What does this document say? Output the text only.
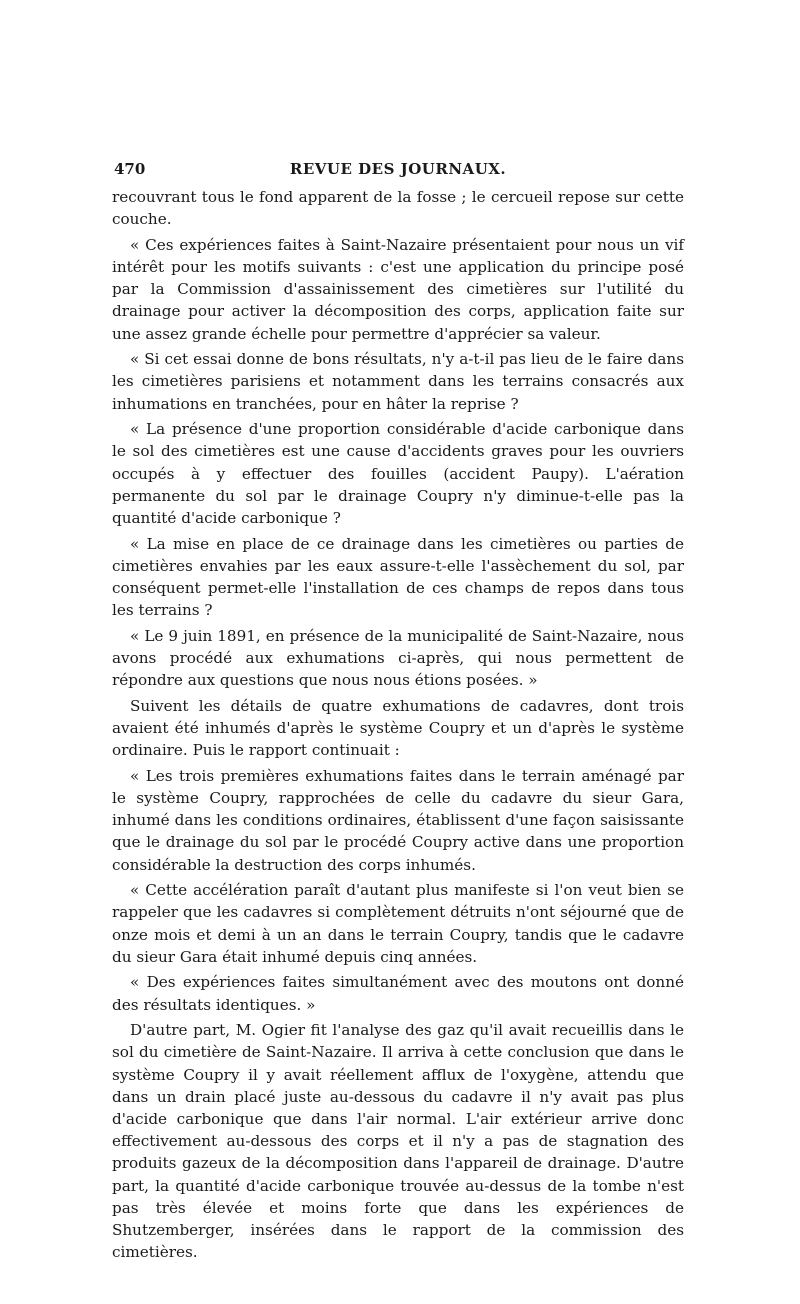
470	REVUE DES JOURNAUX.

recouvrant tous le fond apparent de la fosse ; le cercueil repose sur cette couche.

« Ces expériences faites à Saint-Nazaire présentaient pour nous un vif intérêt pour les motifs suivants : c'est une application du principe posé par la Commission d'assainissement des cimetières sur l'utilité du drainage pour activer la décomposition des corps, application faite sur une assez grande échelle pour permettre d'apprécier sa valeur.

« Si cet essai donne de bons résultats, n'y a-t-il pas lieu de le faire dans les cimetières parisiens et notamment dans les terrains consacrés aux inhumations en tranchées, pour en hâter la reprise ?

« La présence d'une proportion considérable d'acide carbonique dans le sol des cimetières est une cause d'accidents graves pour les ouvriers occupés à y effectuer des fouilles (accident Paupy). L'aération permanente du sol par le drainage Coupry n'y diminue-t-elle pas la quantité d'acide carbonique ?

« La mise en place de ce drainage dans les cimetières ou parties de cimetières envahies par les eaux assure-t-elle l'assèchement du sol, par conséquent permet-elle l'installation de ces champs de repos dans tous les terrains ?

« Le 9 juin 1891, en présence de la municipalité de Saint-Nazaire, nous avons procédé aux exhumations ci-après, qui nous permettent de répondre aux questions que nous nous étions posées. »

Suivent les détails de quatre exhumations de cadavres, dont trois avaient été inhumés d'après le système Coupry et un d'après le système ordinaire. Puis le rapport continuait :

« Les trois premières exhumations faites dans le terrain aménagé par le système Coupry, rapprochées de celle du cadavre du sieur Gara, inhumé dans les conditions ordinaires, établissent d'une façon saisissante que le drainage du sol par le procédé Coupry active dans une proportion considérable la destruction des corps inhumés.

« Cette accélération paraît d'autant plus manifeste si l'on veut bien se rappeler que les cadavres si complètement détruits n'ont séjourné que de onze mois et demi à un an dans le terrain Coupry, tandis que le cadavre du sieur Gara était inhumé depuis cinq années.

« Des expériences faites simultanément avec des moutons ont donné des résultats identiques. »

D'autre part, M. Ogier fit l'analyse des gaz qu'il avait recueillis dans le sol du cimetière de Saint-Nazaire. Il arriva à cette conclusion que dans le système Coupry il y avait réellement afflux de l'oxygène, attendu que dans un drain placé juste au-dessous du cadavre il n'y avait pas plus d'acide carbonique que dans l'air normal. L'air extérieur arrive donc effectivement au-dessous des corps et il n'y a pas de stagnation des produits gazeux de la décomposition dans l'appareil de drainage. D'autre part, la quantité d'acide carbonique trouvée au-dessus de la tombe n'est pas très élevée et moins forte que dans les expériences de Shutzemberger, insérées dans le rapport de la commission des cimetières.
